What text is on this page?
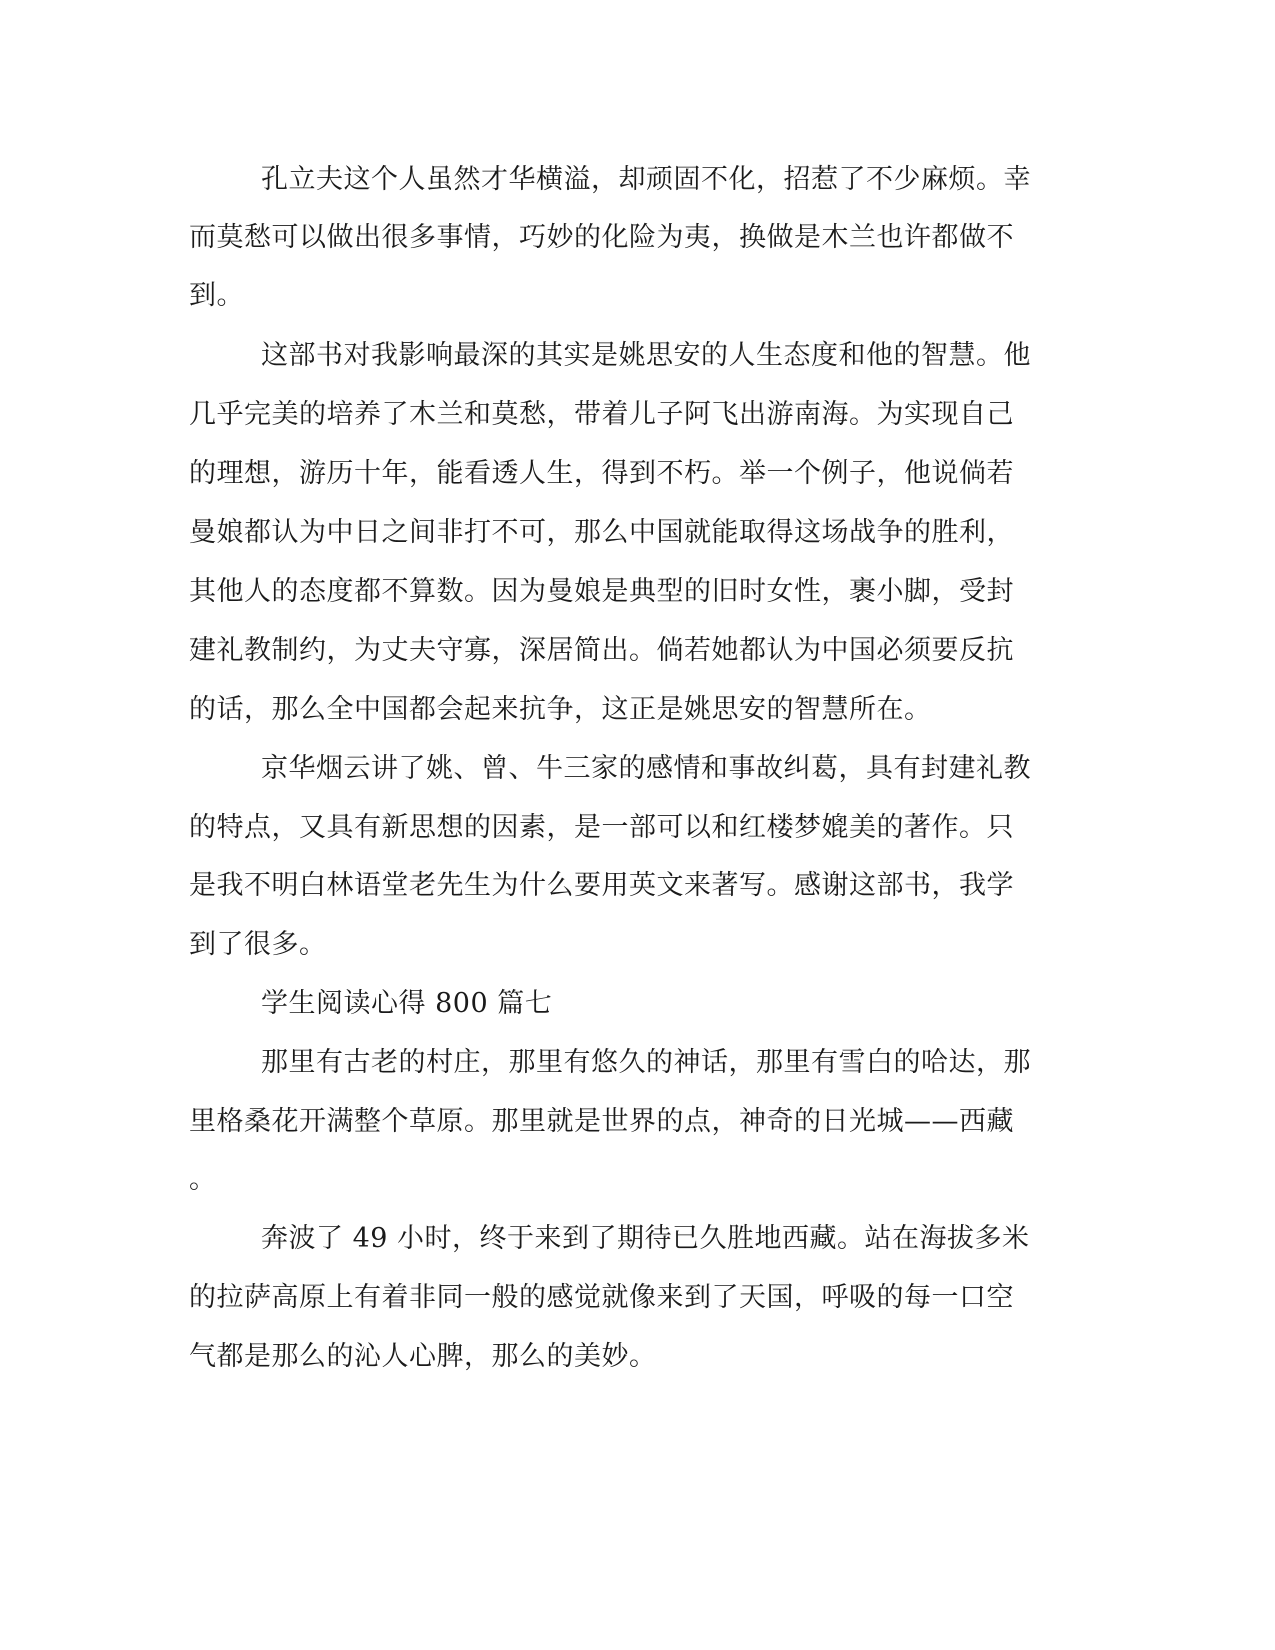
孔立夫这个人虽然才华横溢，却顽固不化，招惹了不少麻烦。幸
而莫愁可以做出很多事情，巧妙的化险为夷，换做是木兰也许都做不
到。
这部书对我影响最深的其实是姚思安的人生态度和他的智慧。他
几乎完美的培养了木兰和莫愁，带着儿子阿飞出游南海。为实现自己
的理想，游历十年，能看透人生，得到不朽。举一个例子，他说倘若
曼娘都认为中日之间非打不可，那么中国就能取得这场战争的胜利，
其他人的态度都不算数。因为曼娘是典型的旧时女性，裹小脚，受封
建礼教制约，为丈夫守寡，深居简出。倘若她都认为中国必须要反抗
的话，那么全中国都会起来抗争，这正是姚思安的智慧所在。
京华烟云讲了姚、曾、牛三家的感情和事故纠葛，具有封建礼教
的特点，又具有新思想的因素，是一部可以和红楼梦媲美的著作。只
是我不明白林语堂老先生为什么要用英文来著写。感谢这部书，我学
到了很多。
学生阅读心得 800 篇七
那里有古老的村庄，那里有悠久的神话，那里有雪白的哈达，那
里格桑花开满整个草原。那里就是世界的点，神奇的日光城——西藏
。
奔波了 49 小时，终于来到了期待已久胜地西藏。站在海拔多米
的拉萨高原上有着非同一般的感觉就像来到了天国，呼吸的每一口空
气都是那么的沁人心脾，那么的美妙。
